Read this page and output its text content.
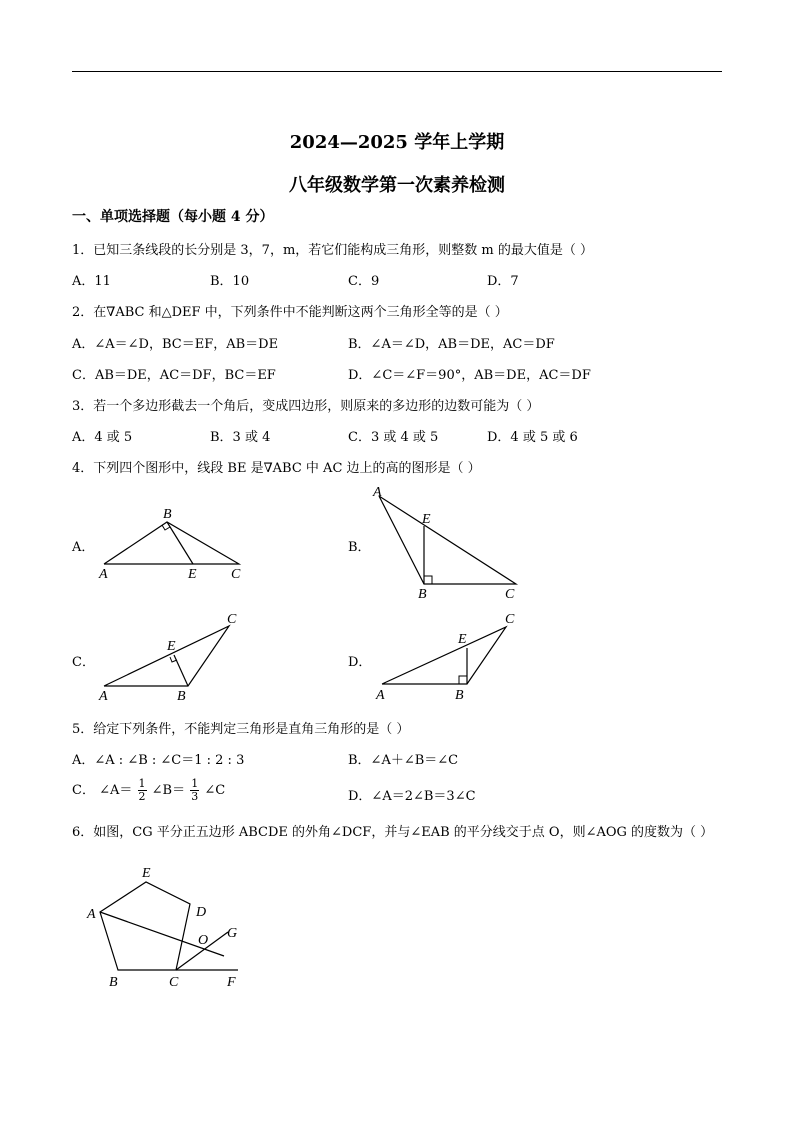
2024—2025 学年上学期
八年级数学第一次素养检测
一、单项选择题（每小题 4 分）
1．已知三条线段的长分别是 3，7，m，若它们能构成三角形，则整数 m 的最大值是（ ）
A．11	B．10	C．9	D．7
2．在∇ABC 和△DEF 中，下列条件中不能判断这两个三角形全等的是（ ）
A．∠A＝∠D，BC＝EF，AB＝DE	B．∠A＝∠D，AB＝DE，AC＝DF
C．AB＝DE，AC＝DF，BC＝EF	D．∠C＝∠F＝90°，AB＝DE，AC＝DF
3．若一个多边形截去一个角后，变成四边形，则原来的多边形的边数可能为（ ）
A．4 或 5	B．3 或 4	C．3 或 4 或 5	D．4 或 5 或 6
4．下列四个图形中，线段 BE 是∇ABC 中 AC 边上的高的图形是（ ）
A．
B
A	E C
B．
A
E
B	C
C．
C
E
A	B
D．
E
C
A	B
5．给定下列条件，不能判定三角形是直角三角形的是（ ）
A．∠A : ∠B : ∠C＝1 : 2 : 3	B．∠A＋∠B＝∠C
C． ∠A＝ $\frac{1}{2}$ ∠B＝ $\frac{1}{3}$ ∠C	D．∠A＝2∠B＝3∠C
6．如图，CG 平分正五边形 ABCDE 的外角∠DCF，并与∠EAB 的平分线交于点 O，则∠AOG 的度数为（ ）
E
A	D
O G
B	C	F
